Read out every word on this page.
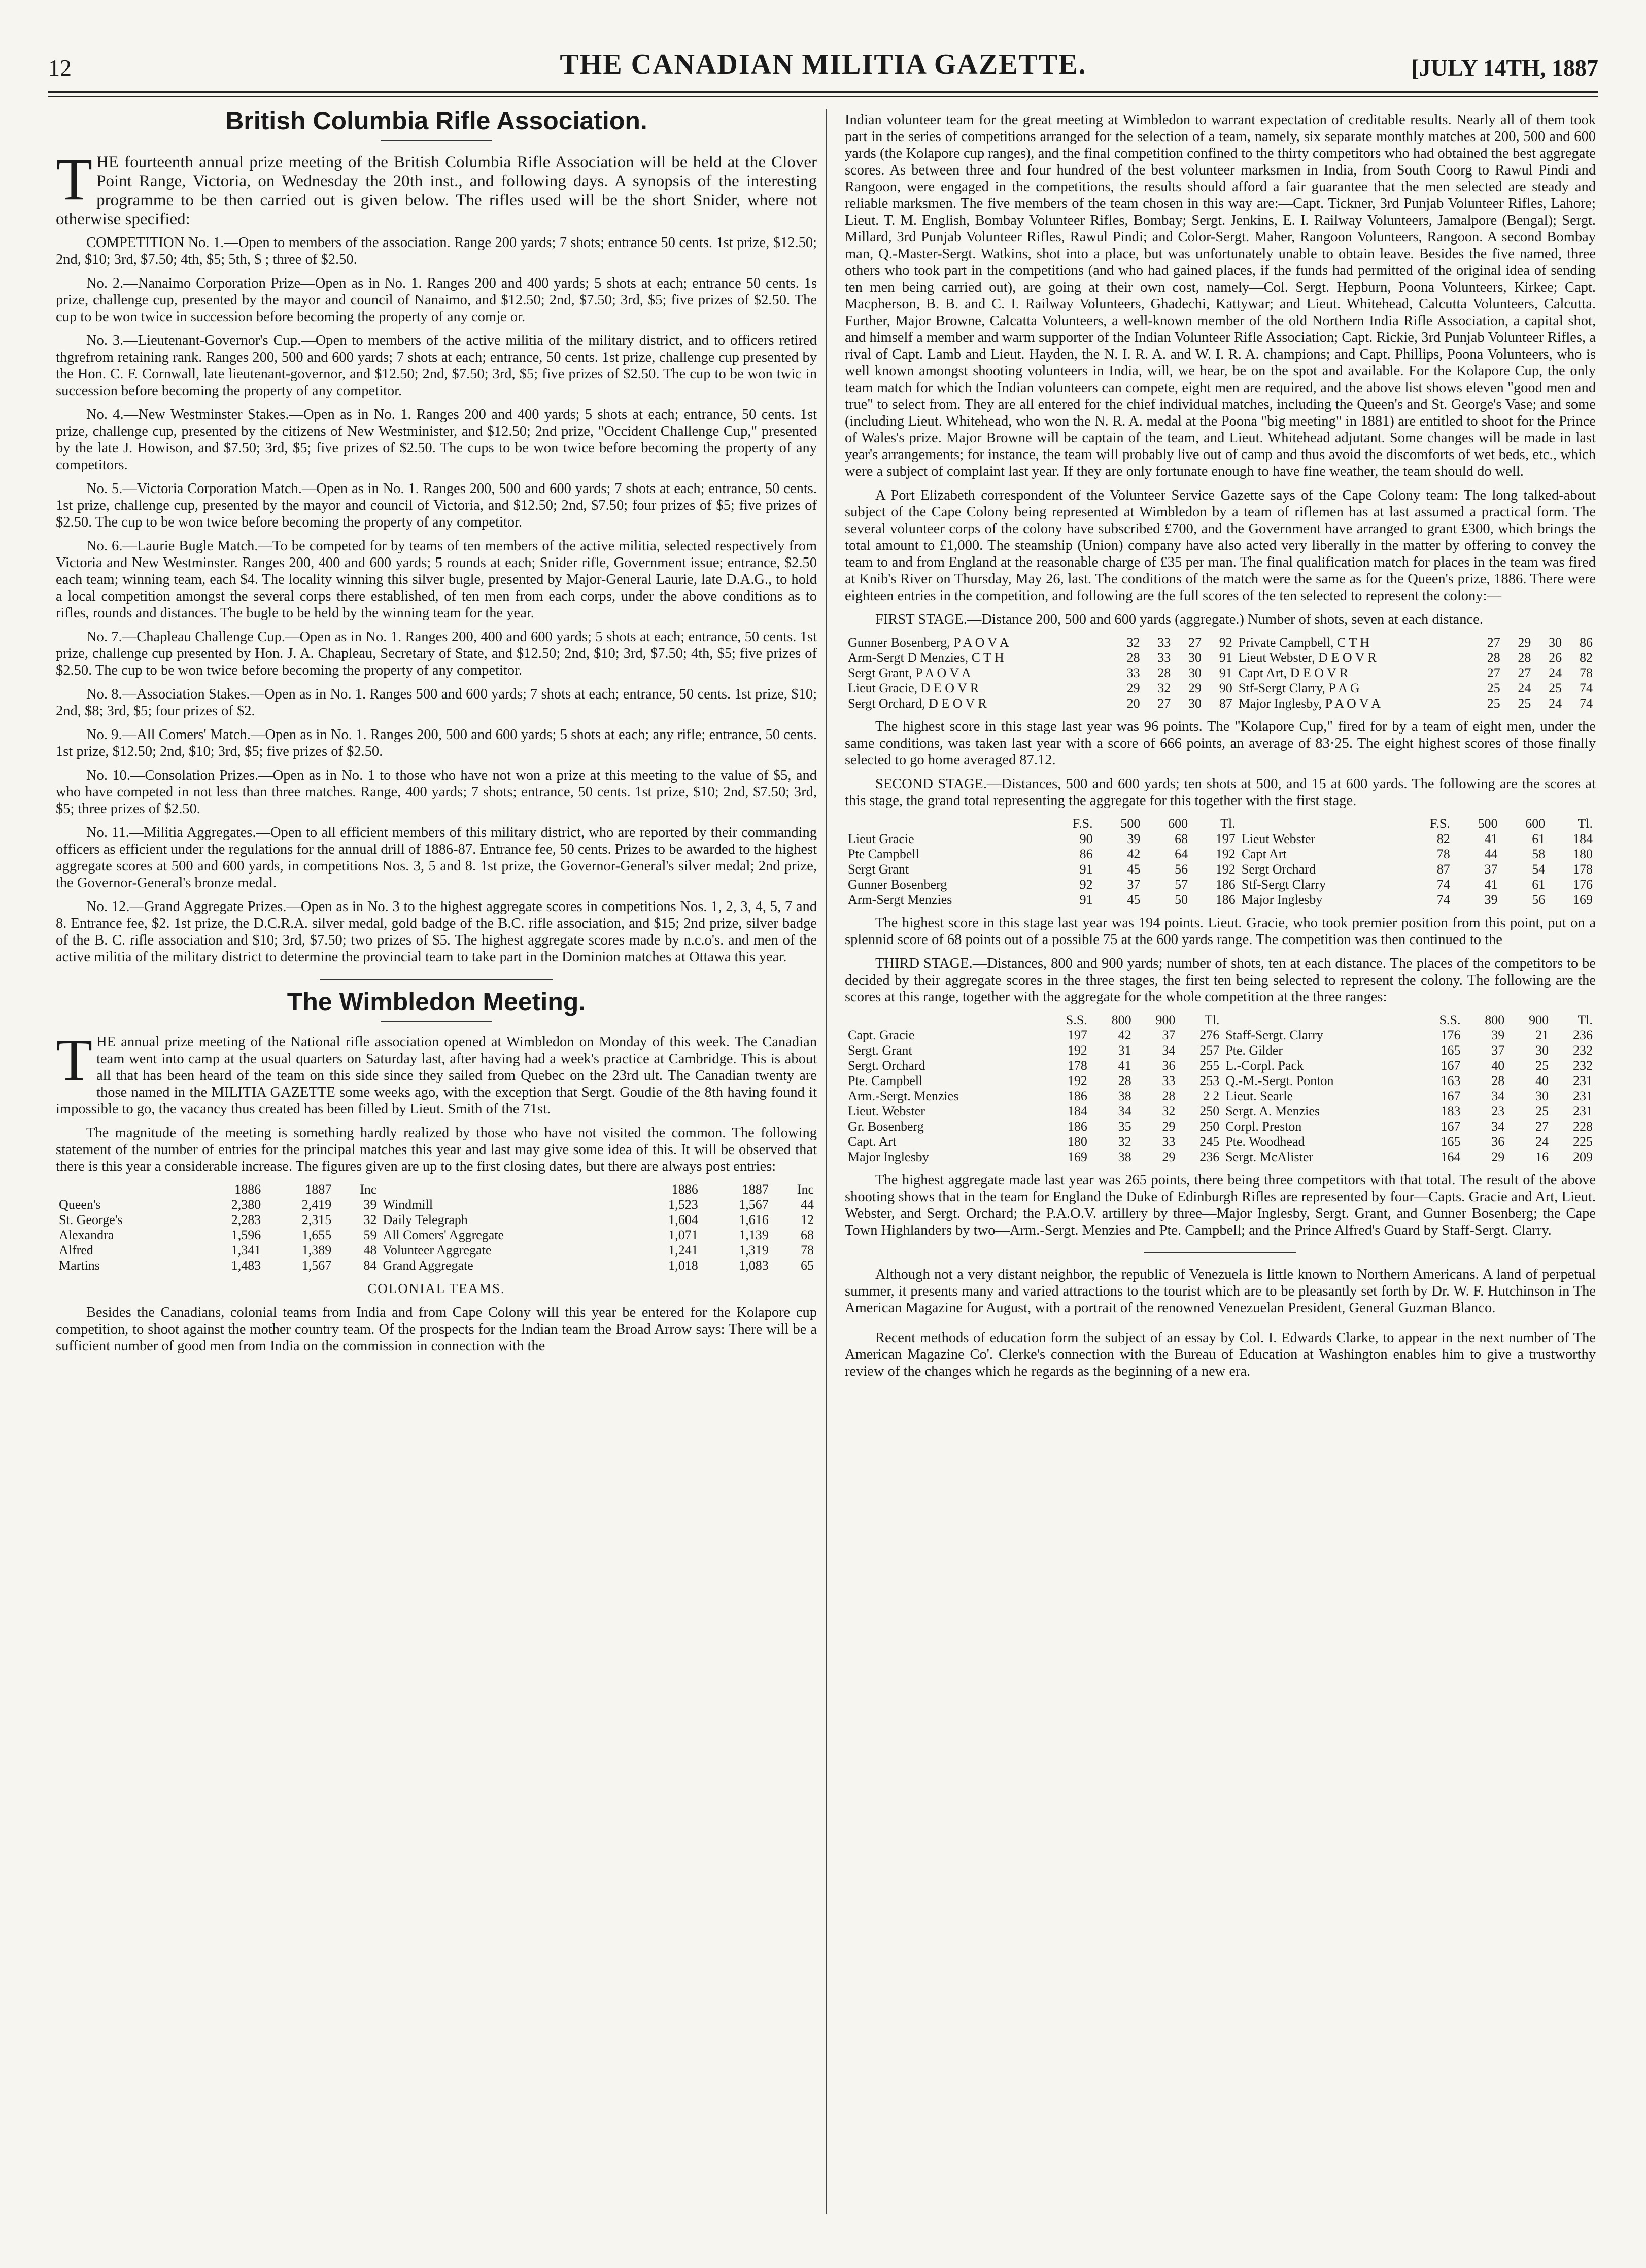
12	THE CANADIAN MILITIA GAZETTE.	[JULY 14TH, 1887
British Columbia Rifle Association.

THE fourteenth annual prize meeting of the British Columbia Rifle Association will be held at the Clover Point Range, Victoria, on Wednesday the 20th inst., and following days. A synopsis of the interesting programme to be then carried out is given below. The rifles used will be the short Snider, where not otherwise specified:

COMPETITION No. 1.—Open to members of the association. Range 200 yards; 7 shots; entrance 50 cents. 1st prize, $12.50; 2nd, $10; 3rd, $7.50; 4th, $5; 5th, $ ; three of $2.50.

No. 2.—Nanaimo Corporation Prize—Open as in No. 1. Ranges 200 and 400 yards; 5 shots at each; entrance 50 cents. 1s prize, challenge cup, presented by the mayor and council of Nanaimo, and $12.50; 2nd, $7.50; 3rd, $5; five prizes of $2.50. The cup to be won twice in succession before becoming the property of any comje or.

No. 3.—Lieutenant-Governor's Cup.—Open to members of the active militia of the military district, and to officers retired thgrefrom retaining rank. Ranges 200, 500 and 600 yards; 7 shots at each; entrance, 50 cents. 1st prize, challenge cup presented by the Hon. C. F. Cornwall, late lieutenant-governor, and $12.50; 2nd, $7.50; 3rd, $5; five prizes of $2.50. The cup to be won twic in succession before becoming the property of any competitor.

No. 4.—New Westminster Stakes.—Open as in No. 1. Ranges 200 and 400 yards; 5 shots at each; entrance, 50 cents. 1st prize, challenge cup, presented by the citizens of New Westminister, and $12.50; 2nd prize, "Occident Challenge Cup," presented by the late J. Howison, and $7.50; 3rd, $5; five prizes of $2.50. The cups to be won twice before becoming the property of any competitors.

No. 5.—Victoria Corporation Match.—Open as in No. 1. Ranges 200, 500 and 600 yards; 7 shots at each; entrance, 50 cents. 1st prize, challenge cup, presented by the mayor and council of Victoria, and $12.50; 2nd, $7.50; four prizes of $5; five prizes of $2.50. The cup to be won twice before becoming the property of any competitor.

No. 6.—Laurie Bugle Match.—To be competed for by teams of ten members of the active militia, selected respectively from Victoria and New Westminster. Ranges 200, 400 and 600 yards; 5 rounds at each; Snider rifle, Government issue; entrance, $2.50 each team; winning team, each $4. The locality winning this silver bugle, presented by Major-General Laurie, late D.A.G., to hold a local competition amongst the several corps there established, of ten men from each corps, under the above conditions as to rifles, rounds and distances. The bugle to be held by the winning team for the year.

No. 7.—Chapleau Challenge Cup.—Open as in No. 1. Ranges 200, 400 and 600 yards; 5 shots at each; entrance, 50 cents. 1st prize, challenge cup presented by Hon. J. A. Chapleau, Secretary of State, and $12.50; 2nd, $10; 3rd, $7.50; 4th, $5; five prizes of $2.50. The cup to be won twice before becoming the property of any competitor.

No. 8.—Association Stakes.—Open as in No. 1. Ranges 500 and 600 yards; 7 shots at each; entrance, 50 cents. 1st prize, $10; 2nd, $8; 3rd, $5; four prizes of $2.

No. 9.—All Comers' Match.—Open as in No. 1. Ranges 200, 500 and 600 yards; 5 shots at each; any rifle; entrance, 50 cents. 1st prize, $12.50; 2nd, $10; 3rd, $5; five prizes of $2.50.

No. 10.—Consolation Prizes.—Open as in No. 1 to those who have not won a prize at this meeting to the value of $5, and who have competed in not less than three matches. Range, 400 yards; 7 shots; entrance, 50 cents. 1st prize, $10; 2nd, $7.50; 3rd, $5; three prizes of $2.50.

No. 11.—Militia Aggregates.—Open to all efficient members of this military district, who are reported by their commanding officers as efficient under the regulations for the annual drill of 1886-87. Entrance fee, 50 cents. Prizes to be awarded to the highest aggregate scores at 500 and 600 yards, in competitions Nos. 3, 5 and 8. 1st prize, the Governor-General's silver medal; 2nd prize, the Governor-General's bronze medal.

No. 12.—Grand Aggregate Prizes.—Open as in No. 3 to the highest aggregate scores in competitions Nos. 1, 2, 3, 4, 5, 7 and 8. Entrance fee, $2. 1st prize, the D.C.R.A. silver medal, gold badge of the B.C. rifle association, and $15; 2nd prize, silver badge of the B. C. rifle association and $10; 3rd, $7.50; two prizes of $5. The highest aggregate scores made by n.c.o's. and men of the active militia of the military district to determine the provincial team to take part in the Dominion matches at Ottawa this year.

The Wimbledon Meeting.

THE annual prize meeting of the National rifle association opened at Wimbledon on Monday of this week. The Canadian team went into camp at the usual quarters on Saturday last, after having had a week's practice at Cambridge. This is about all that has been heard of the team on this side since they sailed from Quebec on the 23rd ult. The Canadian twenty are those named in the MILITIA GAZETTE some weeks ago, with the exception that Sergt. Goudie of the 8th having found it impossible to go, the vacancy thus created has been filled by Lieut. Smith of the 71st.

The magnitude of the meeting is something hardly realized by those who have not visited the common. The following statement of the number of entries for the principal matches this year and last may give some idea of this. It will be observed that there is this year a considerable increase. The figures given are up to the first closing dates, but there are always post entries:

	1886	1887	Inc		1886	1887	Inc
Queen's	2,380	2,419	39	Windmill	1,523	1,567	44
St. George's	2,283	2,315	32	Daily Telegraph	1,604	1,616	12
Alexandra	1,596	1,655	59	All Comers' Aggregate	1,071	1,139	68
Alfred	1,341	1,389	48	Volunteer Aggregate	1,241	1,319	78
Martins	1,483	1,567	84	Grand Aggregate	1,018	1,083	65
COLONIAL TEAMS.

Besides the Canadians, colonial teams from India and from Cape Colony will this year be entered for the Kolapore cup competition, to shoot against the mother country team. Of the prospects for the Indian team the Broad Arrow says: There will be a sufficient number of good men from India on the commission in connection with the

Indian volunteer team for the great meeting at Wimbledon to warrant expectation of creditable results. Nearly all of them took part in the series of competitions arranged for the selection of a team, namely, six separate monthly matches at 200, 500 and 600 yards (the Kolapore cup ranges), and the final competition confined to the thirty competitors who had obtained the best aggregate scores. As between three and four hundred of the best volunteer marksmen in India, from South Coorg to Rawul Pindi and Rangoon, were engaged in the competitions, the results should afford a fair guarantee that the men selected are steady and reliable marksmen. The five members of the team chosen in this way are:—Capt. Tickner, 3rd Punjab Volunteer Rifles, Lahore; Lieut. T. M. English, Bombay Volunteer Rifles, Bombay; Sergt. Jenkins, E. I. Railway Volunteers, Jamalpore (Bengal); Sergt. Millard, 3rd Punjab Volunteer Rifles, Rawul Pindi; and Color-Sergt. Maher, Rangoon Volunteers, Rangoon. A second Bombay man, Q.-Master-Sergt. Watkins, shot into a place, but was unfortunately unable to obtain leave. Besides the five named, three others who took part in the competitions (and who had gained places, if the funds had permitted of the original idea of sending ten men being carried out), are going at their own cost, namely—Col. Sergt. Hepburn, Poona Volunteers, Kirkee; Capt. Macpherson, B. B. and C. I. Railway Volunteers, Ghadechi, Kattywar; and Lieut. Whitehead, Calcutta Volunteers, Calcutta. Further, Major Browne, Calcatta Volunteers, a well-known member of the old Northern India Rifle Association, a capital shot, and himself a member and warm supporter of the Indian Volunteer Rifle Association; Capt. Rickie, 3rd Punjab Volunteer Rifles, a rival of Capt. Lamb and Lieut. Hayden, the N. I. R. A. and W. I. R. A. champions; and Capt. Phillips, Poona Volunteers, who is well known amongst shooting volunteers in India, will, we hear, be on the spot and available. For the Kolapore Cup, the only team match for which the Indian volunteers can compete, eight men are required, and the above list shows eleven "good men and true" to select from. They are all entered for the chief individual matches, including the Queen's and St. George's Vase; and some (including Lieut. Whitehead, who won the N. R. A. medal at the Poona "big meeting" in 1881) are entitled to shoot for the Prince of Wales's prize. Major Browne will be captain of the team, and Lieut. Whitehead adjutant. Some changes will be made in last year's arrangements; for instance, the team will probably live out of camp and thus avoid the discomforts of wet beds, etc., which were a subject of complaint last year. If they are only fortunate enough to have fine weather, the team should do well.

A Port Elizabeth correspondent of the Volunteer Service Gazette says of the Cape Colony team: The long talked-about subject of the Cape Colony being represented at Wimbledon by a team of riflemen has at last assumed a practical form. The several volunteer corps of the colony have subscribed £700, and the Government have arranged to grant £300, which brings the total amount to £1,000. The steamship (Union) company have also acted very liberally in the matter by offering to convey the team to and from England at the reasonable charge of £35 per man. The final qualification match for places in the team was fired at Knib's River on Thursday, May 26, last. The conditions of the match were the same as for the Queen's prize, 1886. There were eighteen entries in the competition, and following are the full scores of the ten selected to represent the colony:—

FIRST STAGE.—Distance 200, 500 and 600 yards (aggregate.) Number of shots, seven at each distance.

Gunner Bosenberg, P A O V A	32	33	27	92	Private Campbell, C T H	27	29	30	86
Arm-Sergt D Menzies, C T H	28	33	30	91	Lieut Webster, D E O V R	28	28	26	82
Sergt Grant, P A O V A	33	28	30	91	Capt Art, D E O V R	27	27	24	78
Lieut Gracie, D E O V R	29	32	29	90	Stf-Sergt Clarry, P A G	25	24	25	74
Sergt Orchard, D E O V R	20	27	30	87	Major Inglesby, P A O V A	25	25	24	74

The highest score in this stage last year was 96 points. The "Kolapore Cup," fired for by a team of eight men, under the same conditions, was taken last year with a score of 666 points, an average of 83·25. The eight highest scores of those finally selected to go home averaged 87.12.

SECOND STAGE.—Distances, 500 and 600 yards; ten shots at 500, and 15 at 600 yards. The following are the scores at this stage, the grand total representing the aggregate for this together with the first stage.

	F.S.	500	600	Tl.		F.S.	500	600	Tl.
Lieut Gracie	90	39	68	197	Lieut Webster	82	41	61	184
Pte Campbell	86	42	64	192	Capt Art	78	44	58	180
Sergt Grant	91	45	56	192	Sergt Orchard	87	37	54	178
Gunner Bosenberg	92	37	57	186	Stf-Sergt Clarry	74	41	61	176
Arm-Sergt Menzies	91	45	50	186	Major Inglesby	74	39	56	169

The highest score in this stage last year was 194 points. Lieut. Gracie, who took premier position from this point, put on a splennid score of 68 points out of a possible 75 at the 600 yards range. The competition was then continued to the

THIRD STAGE.—Distances, 800 and 900 yards; number of shots, ten at each distance. The places of the competitors to be decided by their aggregate scores in the three stages, the first ten being selected to represent the colony. The following are the scores at this range, together with the aggregate for the whole competition at the three ranges:

	S.S.	800	900	Tl.		S.S.	800	900	Tl.
Capt. Gracie	197	42	37	276	Staff-Sergt. Clarry	176	39	21	236
Sergt. Grant	192	31	34	257	Pte. Gilder	165	37	30	232
Sergt. Orchard	178	41	36	255	L.-Corpl. Pack	167	40	25	232
Pte. Campbell	192	28	33	253	Q.-M.-Sergt. Ponton	163	28	40	231
Arm.-Sergt. Menzies	186	38	28	2 2	Lieut. Searle	167	34	30	231
Lieut. Webster	184	34	32	250	Sergt. A. Menzies	183	23	25	231
Gr. Bosenberg	186	35	29	250	Corpl. Preston	167	34	27	228
Capt. Art	180	32	33	245	Pte. Woodhead	165	36	24	225
Major Inglesby	169	38	29	236	Sergt. McAlister	164	29	16	209

The highest aggregate made last year was 265 points, there being three competitors with that total. The result of the above shooting shows that in the team for England the Duke of Edinburgh Rifles are represented by four—Capts. Gracie and Art, Lieut. Webster, and Sergt. Orchard; the P.A.O.V. artillery by three—Major Inglesby, Sergt. Grant, and Gunner Bosenberg; the Cape Town Highlanders by two—Arm.-Sergt. Menzies and Pte. Campbell; and the Prince Alfred's Guard by Staff-Sergt. Clarry.

Although not a very distant neighbor, the republic of Venezuela is little known to Northern Americans. A land of perpetual summer, it presents many and varied attractions to the tourist which are to be pleasantly set forth by Dr. W. F. Hutchinson in The American Magazine for August, with a portrait of the renowned Venezuelan President, General Guzman Blanco.

Recent methods of education form the subject of an essay by Col. I. Edwards Clarke, to appear in the next number of The American Magazine Co'. Clerke's connection with the Bureau of Education at Washington enables him to give a trustworthy review of the changes which he regards as the beginning of a new era.
